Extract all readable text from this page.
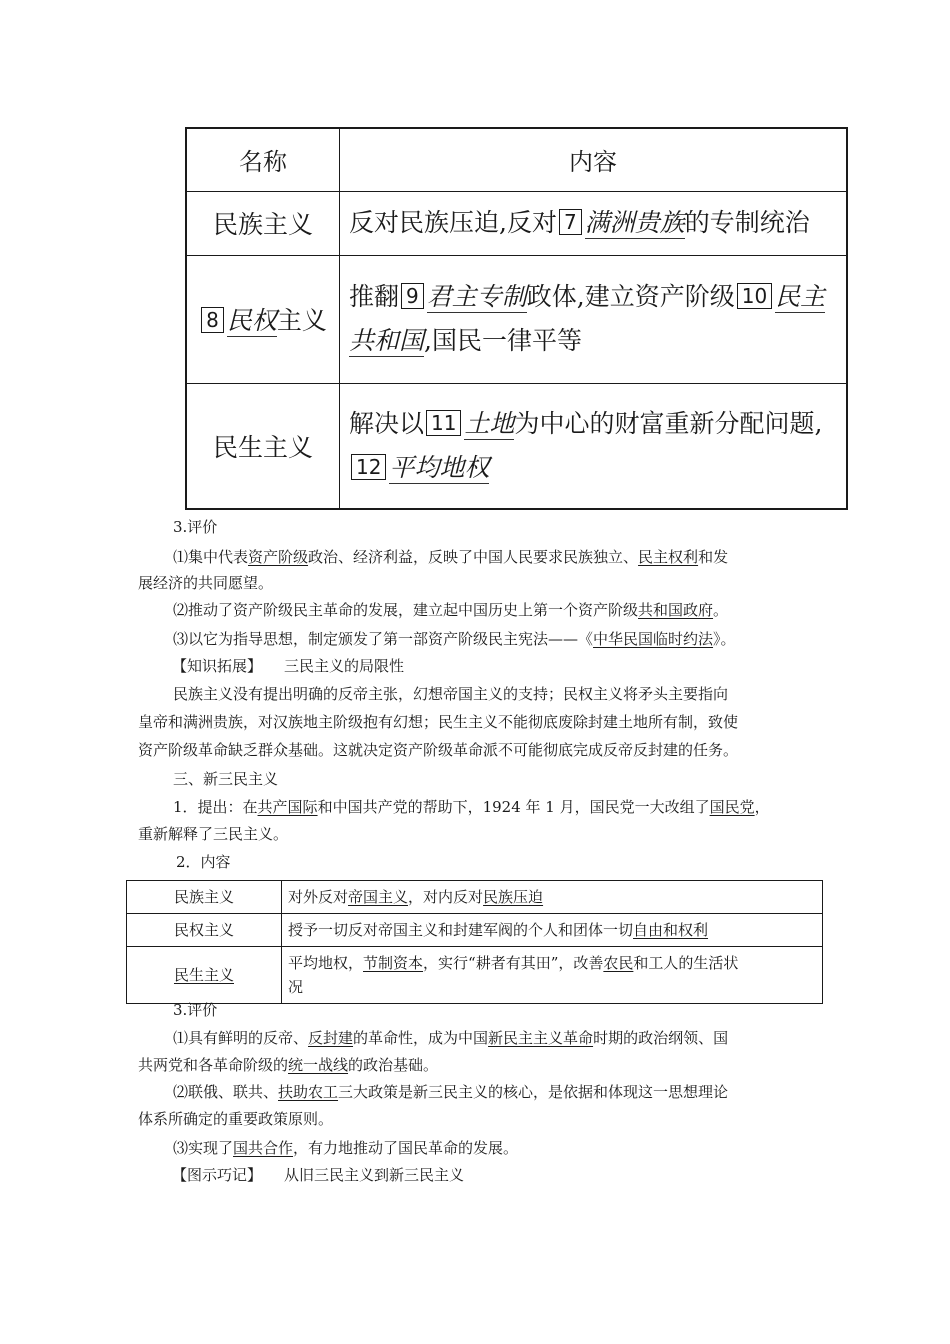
名称	内容
民族主义	反对民族压迫,反对 7 满洲贵族的专制统治
8 民权主义	推翻 9 君主专制政体,建立资产阶级 10 民主
共和国,国民一律平等

民生主义	解决以 11 土地为中心的财富重新分配问题,
12 平均地权
3.评价
⑴集中代表资产阶级政治、经济利益，反映了中国人民要求民族独立、民主权利和发
展经济的共同愿望。
⑵推动了资产阶级民主革命的发展，建立起中国历史上第一个资产阶级共和国政府。
⑶以它为指导思想，制定颁发了第一部资产阶级民主宪法——《中华民国临时约法》。
【知识拓展】 三民主义的局限性
民族主义没有提出明确的反帝主张，幻想帝国主义的支持；民权主义将矛头主要指向
皇帝和满洲贵族，对汉族地主阶级抱有幻想；民生主义不能彻底废除封建土地所有制，致使
资产阶级革命缺乏群众基础。这就决定资产阶级革命派不可能彻底完成反帝反封建的任务。
三、新三民主义
1．提出：在共产国际和中国共产党的帮助下，1924 年 1 月，国民党一大改组了国民党，
重新解释了三民主义。
2．内容
民族主义	对外反对帝国主义，对内反对民族压迫
民权主义	授予一切反对帝国主义和封建军阀的个人和团体一切自由和权利
民生主义	平均地权，节制资本，实行“耕者有其田”，改善农民和工人的生活状
况
3.评价
⑴具有鲜明的反帝、反封建的革命性，成为中国新民主主义革命时期的政治纲领、国
共两党和各革命阶级的统一战线的政治基础。
⑵联俄、联共、扶助农工三大政策是新三民主义的核心，是依据和体现这一思想理论
体系所确定的重要政策原则。
⑶实现了国共合作，有力地推动了国民革命的发展。
【图示巧记】 从旧三民主义到新三民主义
